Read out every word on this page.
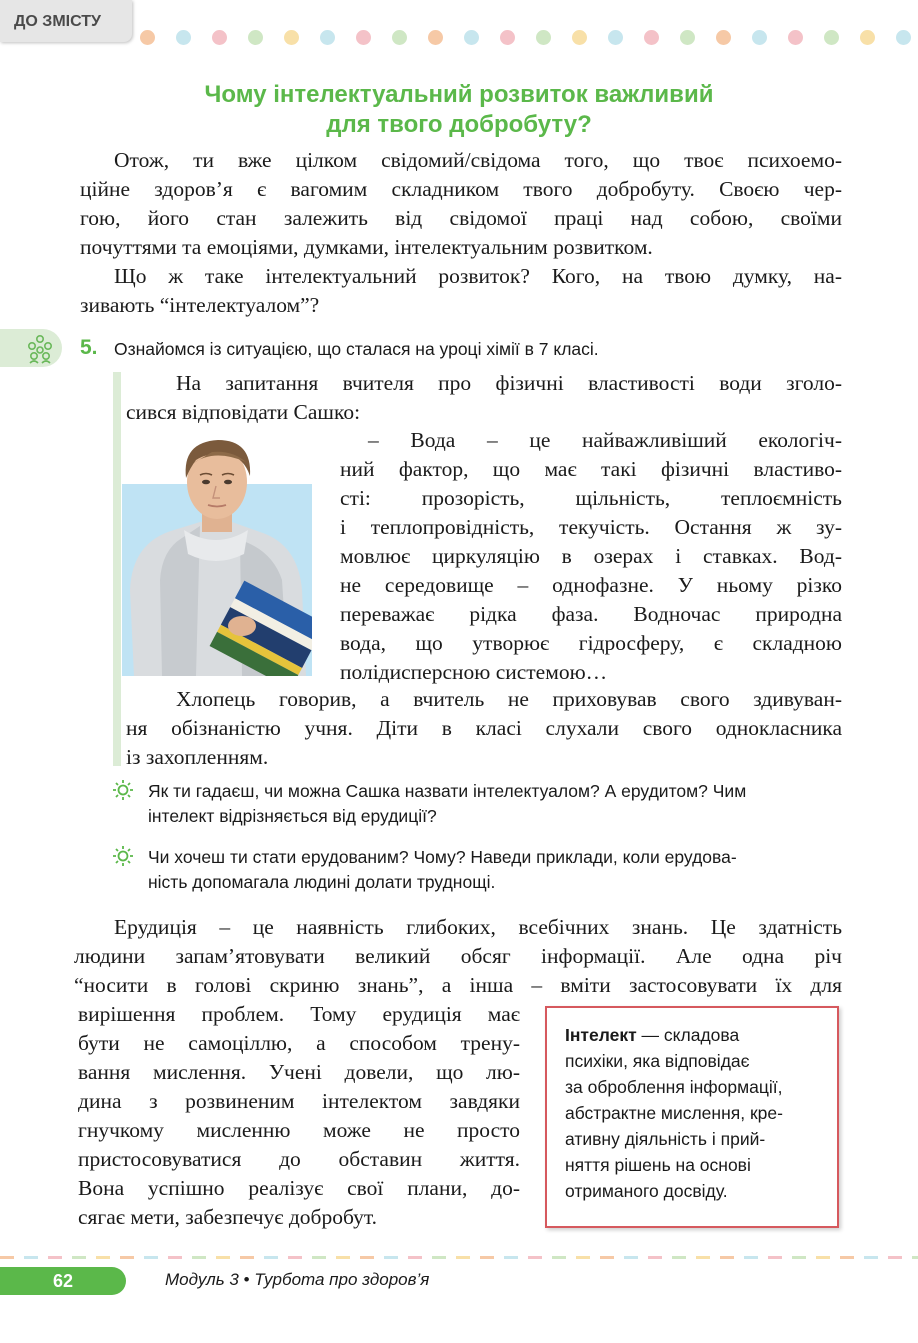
ДО ЗМІСТУ
Чому інтелектуальний розвиток важливий
для твого добробуту?
Отож, ти вже цілком свідомий/свідома того, що твоє психоемо-
ційне здоров’я є вагомим складником твого добробуту. Своєю чер-
гою, його стан залежить від свідомої праці над собою, своїми
почуттями та емоціями, думками, інтелектуальним розвитком.
Що ж таке інтелектуальний розвиток? Кого, на твою думку, на-
зивають “інтелектуалом”?
5. Ознайомся із ситуацією, що сталася на уроці хімії в 7 класі.
На запитання вчителя про фізичні властивості води зголо-
сився відповідати Сашко:
– Вода – це найважливіший екологіч-
ний фактор, що має такі фізичні властиво-
сті: прозорість, щільність, теплоємність
і теплопровідність, текучість. Остання ж зу-
мовлює циркуляцію в озерах і ставках. Вод-
не середовище – однофазне. У ньому різко
переважає рідка фаза. Водночас природна
вода, що утворює гідросферу, є складною
полідисперсною системою…
Хлопець говорив, а вчитель не приховував свого здивуван-
ня обізнаністю учня. Діти в класі слухали свого однокласника
із захопленням.
Як ти гадаєш, чи можна Сашка назвати інтелектуалом? А ерудитом? Чим
інтелект відрізняється від ерудиції?
Чи хочеш ти стати ерудованим? Чому? Наведи приклади, коли ерудова-
ність допомагала людині долати труднощі.
Ерудиція – це наявність глибоких, всебічних знань. Це здатність
людини запам’ятовувати великий обсяг інформації. Але одна річ
“носити в голові скриню знань”, а інша – вміти застосовувати їх для
вирішення проблем. Тому ерудиція має
бути не самоціллю, а способом трену-
вання мислення. Учені довели, що лю-
дина з розвиненим інтелектом завдяки
гнучкому мисленню може не просто
пристосовуватися до обставин життя.
Вона успішно реалізує свої плани, до-
сягає мети, забезпечує добробут.
Інтелект — складова
психіки, яка відповідає
за оброблення інформації,
абстрактне мислення, кре-
ативну діяльність і прий-
няття рішень на основі
отриманого досвіду.
62	Модуль 3 • Турбота про здоров’я
